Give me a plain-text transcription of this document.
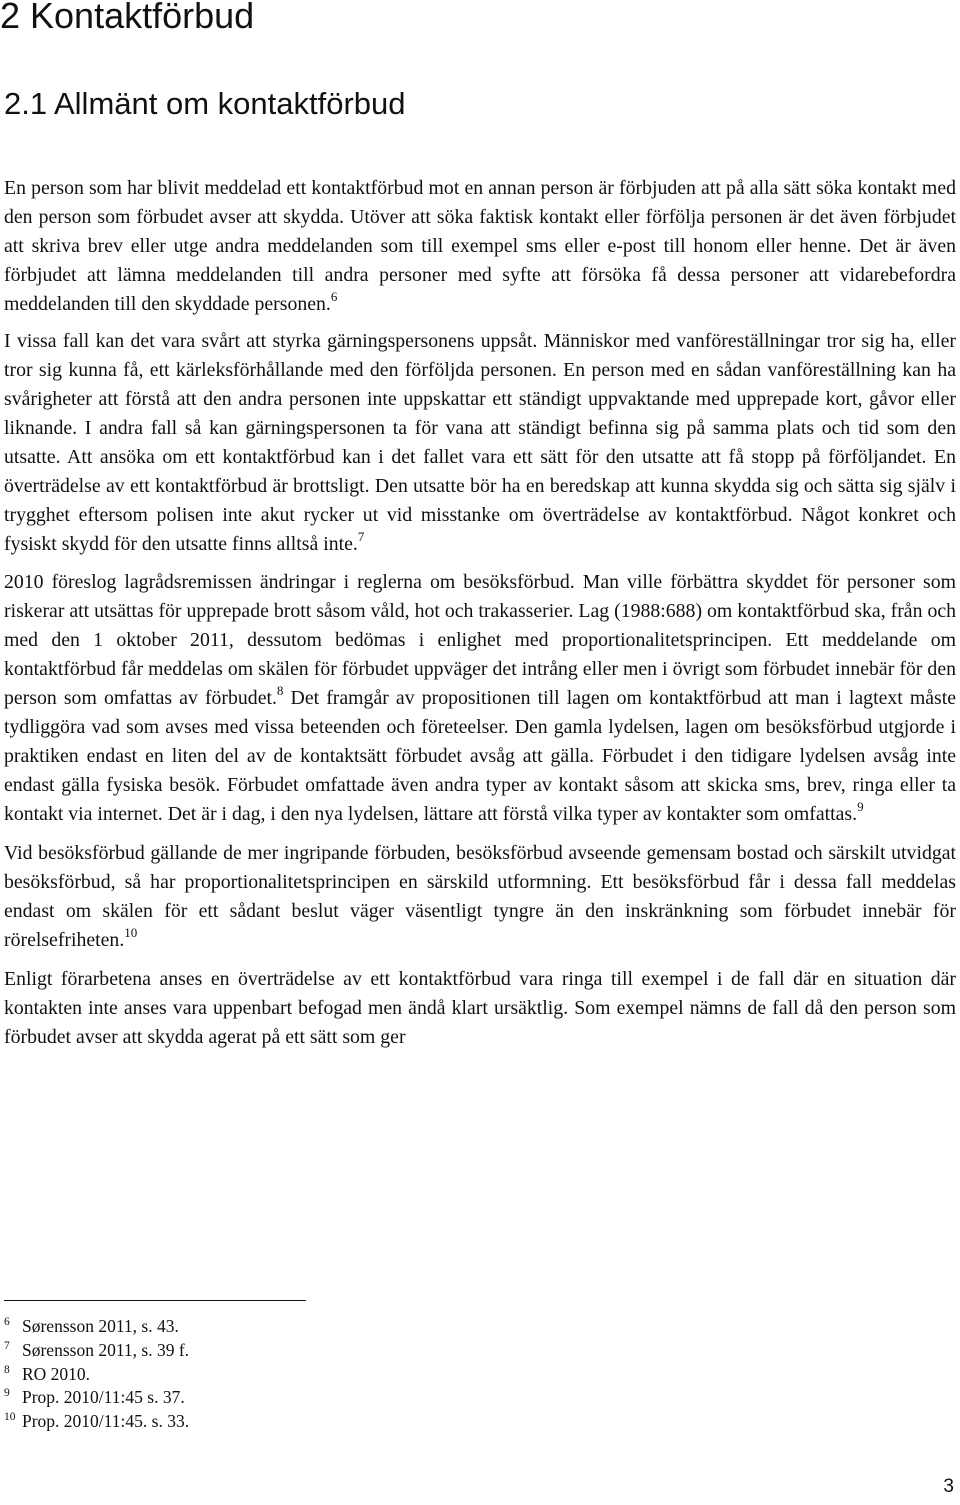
2 Kontaktförbud
2.1 Allmänt om kontaktförbud

En person som har blivit meddelad ett kontaktförbud mot en annan person är förbjuden att på alla sätt söka kontakt med den person som förbudet avser att skydda. Utöver att söka faktisk kontakt eller förfölja personen är det även förbjudet att skriva brev eller utge andra meddelanden som till exempel sms eller e-post till honom eller henne. Det är även förbjudet att lämna meddelanden till andra personer med syfte att försöka få dessa personer att vidarebefordra meddelanden till den skyddade personen.$^6$

I vissa fall kan det vara svårt att styrka gärningspersonens uppsåt. Människor med vanföreställningar tror sig ha, eller tror sig kunna få, ett kärleksförhållande med den förföljda personen. En person med en sådan vanföreställning kan ha svårigheter att förstå att den andra personen inte uppskattar ett ständigt uppvaktande med upprepade kort, gåvor eller liknande. I andra fall så kan gärningspersonen ta för vana att ständigt befinna sig på samma plats och tid som den utsatte. Att ansöka om ett kontaktförbud kan i det fallet vara ett sätt för den utsatte att få stopp på förföljandet. En överträdelse av ett kontaktförbud är brottsligt. Den utsatte bör ha en beredskap att kunna skydda sig och sätta sig själv i trygghet eftersom polisen inte akut rycker ut vid misstanke om överträdelse av kontaktförbud. Något konkret och fysiskt skydd för den utsatte finns alltså inte.$^7$

2010 föreslog lagrådsremissen ändringar i reglerna om besöksförbud. Man ville förbättra skyddet för personer som riskerar att utsättas för upprepade brott såsom våld, hot och trakasserier. Lag (1988:688) om kontaktförbud ska, från och med den 1 oktober 2011, dessutom bedömas i enlighet med proportionalitetsprincipen. Ett meddelande om kontaktförbud får meddelas om skälen för förbudet uppväger det intrång eller men i övrigt som förbudet innebär för den person som omfattas av förbudet.$^8$ Det framgår av propositionen till lagen om kontaktförbud att man i lagtext måste tydliggöra vad som avses med vissa beteenden och företeelser. Den gamla lydelsen, lagen om besöksförbud utgjorde i praktiken endast en liten del av de kontaktsätt förbudet avsåg att gälla. Förbudet i den tidigare lydelsen avsåg inte endast gälla fysiska besök. Förbudet omfattade även andra typer av kontakt såsom att skicka sms, brev, ringa eller ta kontakt via internet. Det är i dag, i den nya lydelsen, lättare att förstå vilka typer av kontakter som omfattas.$^9$

Vid besöksförbud gällande de mer ingripande förbuden, besöksförbud avseende gemensam bostad och särskilt utvidgat besöksförbud, så har proportionalitetsprincipen en särskild utformning. Ett besöksförbud får i dessa fall meddelas endast om skälen för ett sådant beslut väger väsentligt tyngre än den inskränkning som förbudet innebär för rörelsefriheten.$^{10}$

Enligt förarbetena anses en överträdelse av ett kontaktförbud vara ringa till exempel i de fall där en situation där kontakten inte anses vara uppenbart befogad men ändå klart ursäktlig. Som exempel nämns de fall då den person som förbudet avser att skydda agerat på ett sätt som ger

6 Sørensson 2011, s. 43.

7 Sørensson 2011, s. 39 f.

8 RO 2010.

9 Prop. 2010/11:45 s. 37.

10 Prop. 2010/11:45. s. 33.

3
